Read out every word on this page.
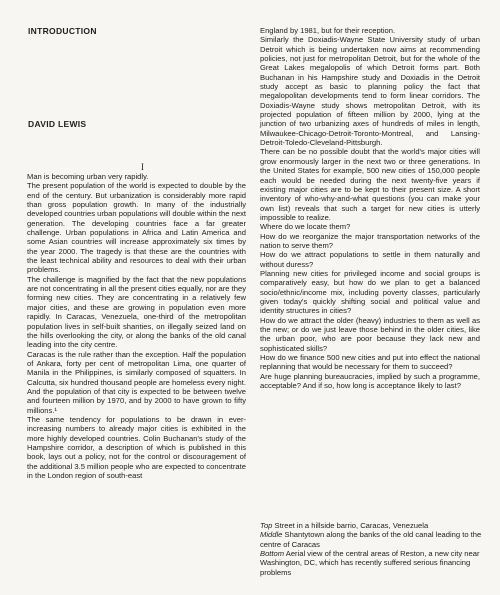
INTRODUCTION
DAVID LEWIS
I

Man is becoming urban very rapidly.

The present population of the world is expected to double by the end of the century. But urbanization is considerably more rapid than gross population growth. In many of the industrially developed countries urban populations will double within the next generation. The developing countries face a far greater challenge. Urban populations in Africa and Latin America and some Asian countries will increase approximately six times by the year 2000. The tragedy is that these are the countries with the least technical ability and resources to deal with their urban problems.

The challenge is magnified by the fact that the new populations are not concentrating in all the present cities equally, nor are they forming new cities. They are concentrating in a relatively few major cities, and these are growing in population even more rapidly. In Caracas, Venezuela, one-third of the metropolitan population lives in self-built shanties, on illegally seized land on the hills overlooking the city, or along the banks of the old canal leading into the city centre.

Caracas is the rule rather than the exception. Half the population of Ankara, forty per cent of metropolitan Lima, one quarter of Manila in the Philippines, is similarly composed of squatters. In Calcutta, six hundred thousand people are homeless every night. And the population of that city is expected to be between twelve and fourteen million by 1970, and by 2000 to have grown to fifty millions.¹

The same tendency for populations to be drawn in ever-increasing numbers to already major cities is exhibited in the more highly developed countries. Colin Buchanan's study of the Hampshire corridor, a description of which is published in this book, lays out a policy, not for the control or discouragement of the additional 3.5 million people who are expected to concentrate in the London region of south-east

England by 1981, but for their reception.

Similarly the Doxiadis-Wayne State University study of urban Detroit which is being undertaken now aims at recommending policies, not just for metropolitan Detroit, but for the whole of the Great Lakes megalopolis of which Detroit forms part. Both Buchanan in his Hampshire study and Doxiadis in the Detroit study accept as basic to planning policy the fact that megalopolitan developments tend to form linear corridors. The Doxiadis-Wayne study shows metropolitan Detroit, with its projected population of fifteen million by 2000, lying at the junction of two urbanizing axes of hundreds of miles in length, Milwaukee-Chicago-Detroit-Toronto-Montreal, and Lansing-Detroit-Toledo-Cleveland-Pittsburgh.

There can be no possible doubt that the world's major cities will grow enormously larger in the next two or three generations. In the United States for example, 500 new cities of 150,000 people each would be needed during the next twenty-five years if existing major cities are to be kept to their present size. A short inventory of who-why-and-what questions (you can make your own list) reveals that such a target for new cities is utterly impossible to realize.

Where do we locate them?

How do we reorganize the major transportation networks of the nation to serve them?

How do we attract populations to settle in them naturally and without duress?

Planning new cities for privileged income and social groups is comparatively easy, but how do we plan to get a balanced socio/ethnic/income mix, including poverty classes, particularly given today's quickly shifting social and political value and identity structures in cities?

How do we attract the older (heavy) industries to them as well as the new; or do we just leave those behind in the older cities, like the urban poor, who are poor because they lack new and sophisticated skills?

How do we finance 500 new cities and put into effect the national replanning that would be necessary for them to succeed?

Are huge planning bureaucracies, implied by such a programme, acceptable? And if so, how long is acceptance likely to last?

Top Street in a hillside barrio, Caracas, Venezuela

Middle Shantytown along the banks of the old canal leading to the centre of Caracas

Bottom Aerial view of the central areas of Reston, a new city near Washington, DC, which has recently suffered serious financing problems
